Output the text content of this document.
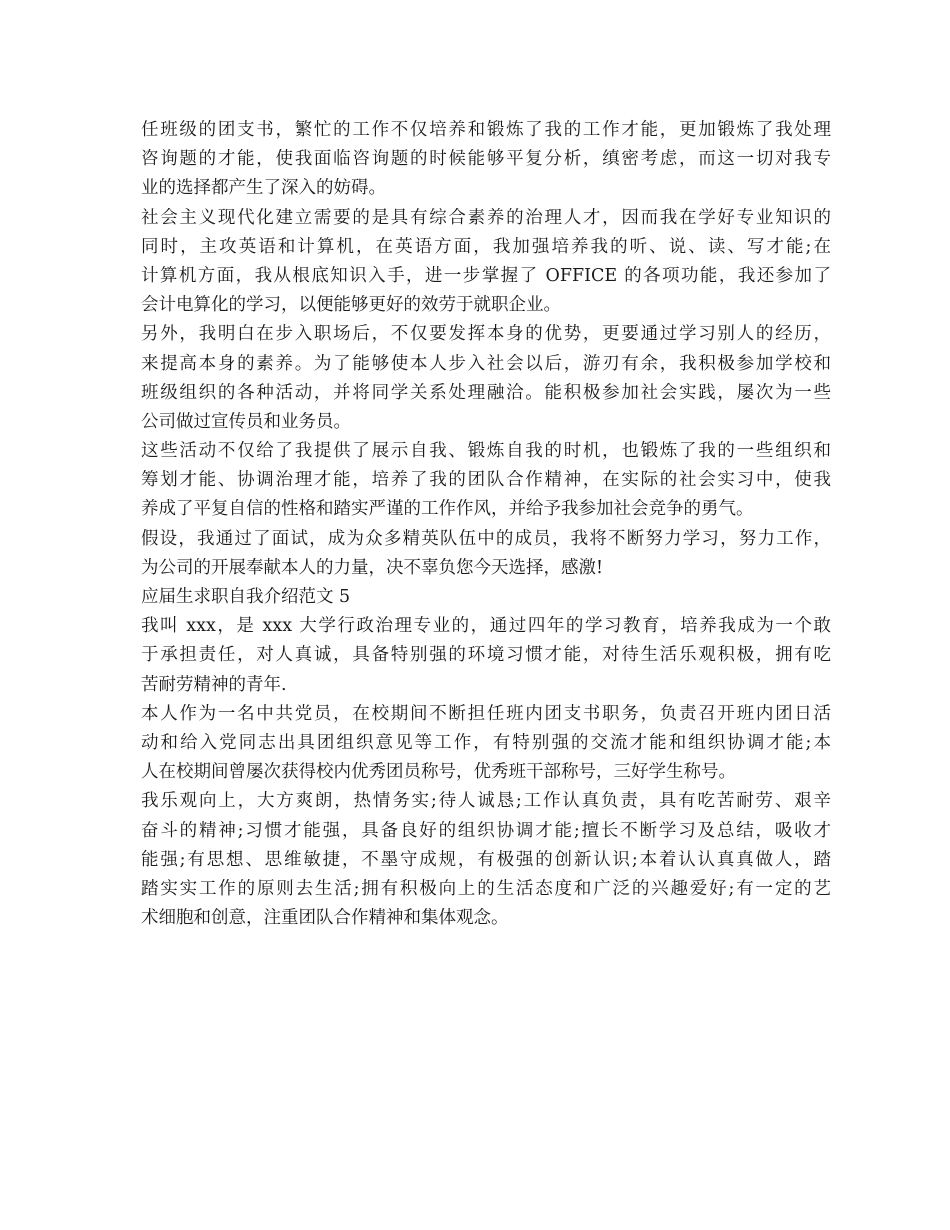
任班级的团支书，繁忙的工作不仅培养和锻炼了我的工作才能，更加锻炼了我处理
咨询题的才能，使我面临咨询题的时候能够平复分析，缜密考虑，而这一切对我专
业的选择都产生了深入的妨碍。
社会主义现代化建立需要的是具有综合素养的治理人才，因而我在学好专业知识的
同时，主攻英语和计算机，在英语方面，我加强培养我的听、说、读、写才能;在
计算机方面，我从根底知识入手，进一步掌握了 OFFICE 的各项功能，我还参加了
会计电算化的学习，以便能够更好的效劳于就职企业。
另外，我明白在步入职场后，不仅要发挥本身的优势，更要通过学习别人的经历，
来提高本身的素养。为了能够使本人步入社会以后，游刃有余，我积极参加学校和
班级组织的各种活动，并将同学关系处理融洽。能积极参加社会实践，屡次为一些
公司做过宣传员和业务员。
这些活动不仅给了我提供了展示自我、锻炼自我的时机，也锻炼了我的一些组织和
筹划才能、协调治理才能，培养了我的团队合作精神，在实际的社会实习中，使我
养成了平复自信的性格和踏实严谨的工作作风，并给予我参加社会竞争的勇气。
假设，我通过了面试，成为众多精英队伍中的成员，我将不断努力学习，努力工作，
为公司的开展奉献本人的力量，决不辜负您今天选择，感激!
应届生求职自我介绍范文 5
我叫 xxx，是 xxx 大学行政治理专业的，通过四年的学习教育，培养我成为一个敢
于承担责任，对人真诚，具备特别强的环境习惯才能，对待生活乐观积极，拥有吃
苦耐劳精神的青年.
本人作为一名中共党员，在校期间不断担任班内团支书职务，负责召开班内团日活
动和给入党同志出具团组织意见等工作，有特别强的交流才能和组织协调才能;本
人在校期间曾屡次获得校内优秀团员称号，优秀班干部称号，三好学生称号。
我乐观向上，大方爽朗，热情务实;待人诚恳;工作认真负责，具有吃苦耐劳、艰辛
奋斗的精神;习惯才能强，具备良好的组织协调才能;擅长不断学习及总结，吸收才
能强;有思想、思维敏捷，不墨守成规，有极强的创新认识;本着认认真真做人，踏
踏实实工作的原则去生活;拥有积极向上的生活态度和广泛的兴趣爱好;有一定的艺
术细胞和创意，注重团队合作精神和集体观念。
